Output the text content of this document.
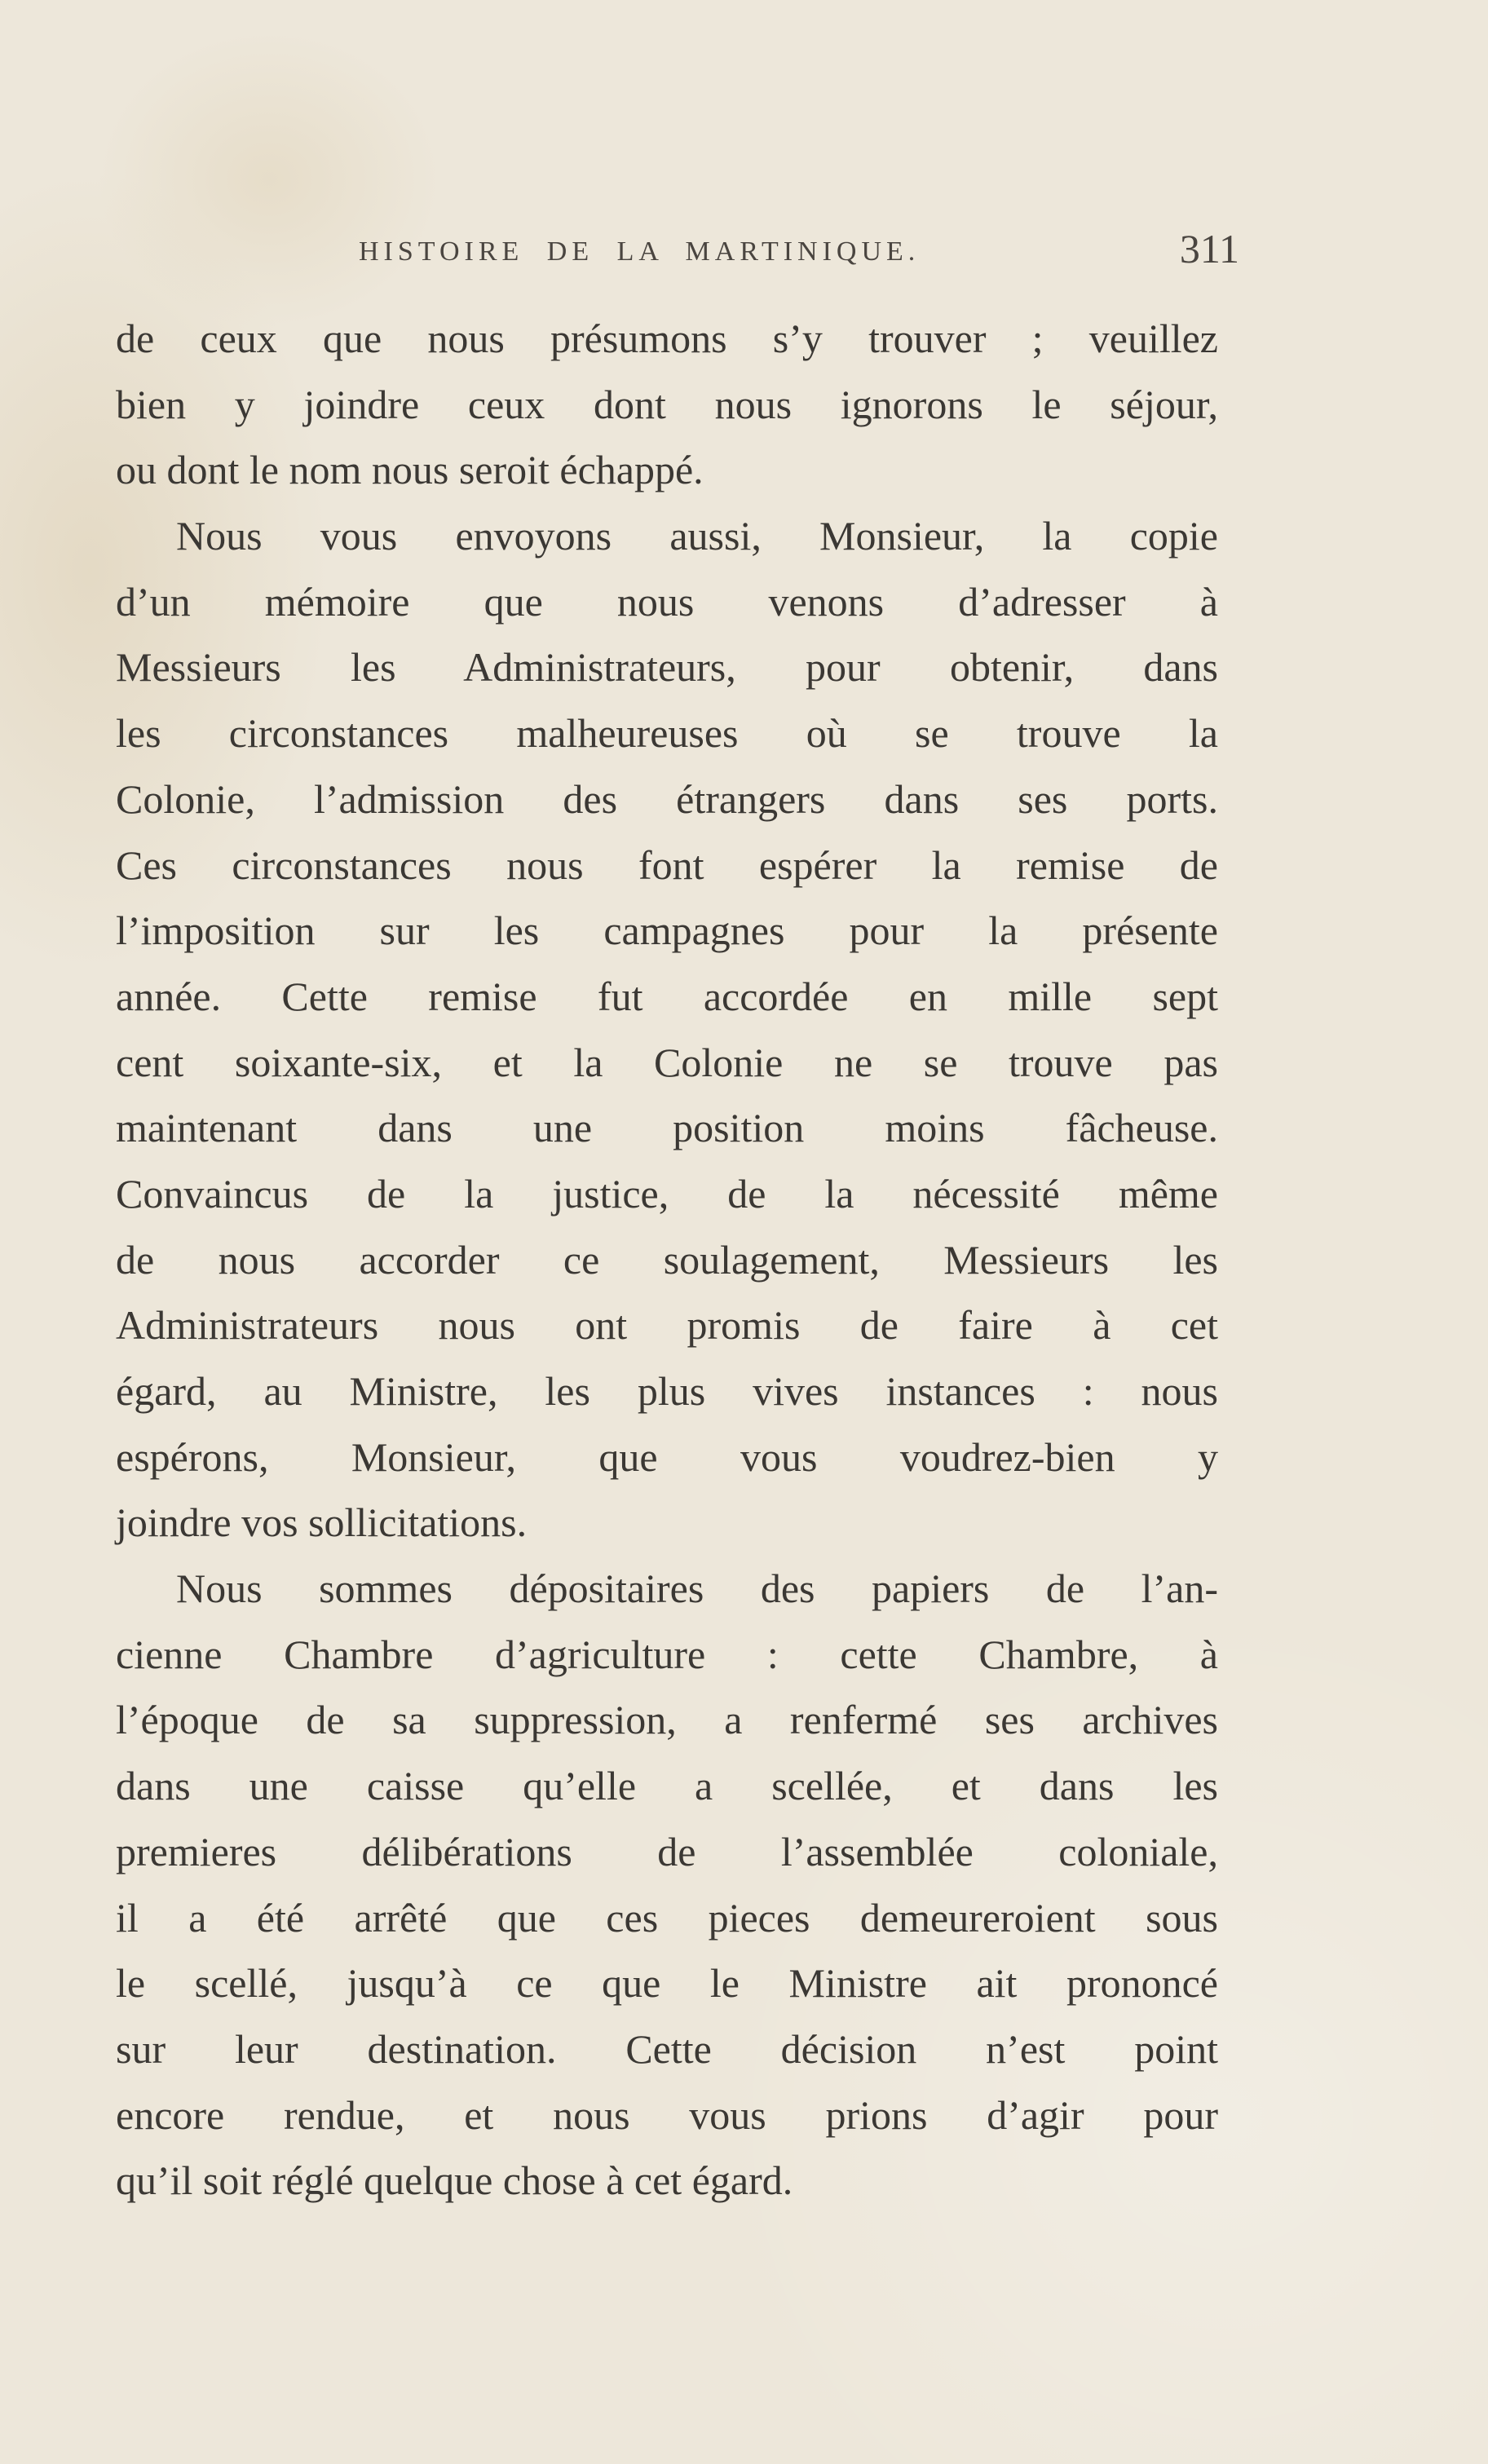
HISTOIRE DE LA MARTINIQUE.	311
de ceux que nous présumons s’y trouver ; veuillez
bien y joindre ceux dont nous ignorons le séjour,
ou dont le nom nous seroit échappé.
Nous vous envoyons aussi, Monsieur, la copie
d’un mémoire que nous venons d’adresser à
Messieurs les Administrateurs, pour obtenir, dans
les circonstances malheureuses où se trouve la
Colonie, l’admission des étrangers dans ses ports.
Ces circonstances nous font espérer la remise de
l’imposition sur les campagnes pour la présente
année. Cette remise fut accordée en mille sept
cent soixante-six, et la Colonie ne se trouve pas
maintenant dans une position moins fâcheuse.
Convaincus de la justice, de la nécessité même
de nous accorder ce soulagement, Messieurs les
Administrateurs nous ont promis de faire à cet
égard, au Ministre, les plus vives instances : nous
espérons, Monsieur, que vous voudrez-bien y
joindre vos sollicitations.
Nous sommes dépositaires des papiers de l’an-
cienne Chambre d’agriculture : cette Chambre, à
l’époque de sa suppression, a renfermé ses archives
dans une caisse qu’elle a scellée, et dans les
premieres délibérations de l’assemblée coloniale,
il a été arrêté que ces pieces demeureroient sous
le scellé, jusqu’à ce que le Ministre ait prononcé
sur leur destination. Cette décision n’est point
encore rendue, et nous vous prions d’agir pour
qu’il soit réglé quelque chose à cet égard.
